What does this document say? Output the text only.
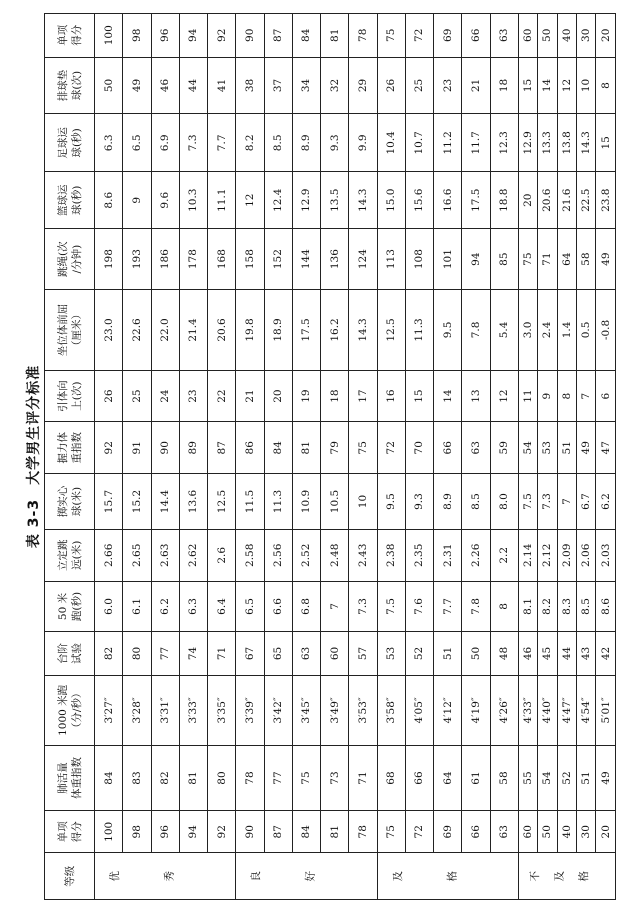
表 3-3大学男生评分标准
等级	单项 得分	肺活量 体重指数	1000 米跑 （分/秒）	台阶 试验	50 米 跑(秒)	立定跳 远(米)	掷实心 球(米)	握力体 重指数	引体向 上(次)	坐位体前屈 （厘米）	跳绳(次 /分钟)	篮球运 球(秒)	足球运 球(秒)	排球垫 球(次)	单项 得分
优秀	100	84	3′27″	82	6.0	2.66	15.7	92	26	23.0	198	8.6	6.3	50	100
	98	83	3′28″	80	6.1	2.65	15.2	91	25	22.6	193	9	6.5	49	98
	96	82	3′31″	77	6.2	2.63	14.4	90	24	22.0	186	9.6	6.9	46	96
	94	81	3′33″	74	6.3	2.62	13.6	89	23	21.4	178	10.3	7.3	44	94
	92	80	3′35″	71	6.4	2.6	12.5	87	22	20.6	168	11.1	7.7	41	92
良好	90	78	3′39″	67	6.5	2.58	11.5	86	21	19.8	158	12	8.2	38	90
	87	77	3′42″	65	6.6	2.56	11.3	84	20	18.9	152	12.4	8.5	37	87
	84	75	3′45″	63	6.8	2.52	10.9	81	19	17.5	144	12.9	8.9	34	84
	81	73	3′49″	60	7	2.48	10.5	79	18	16.2	136	13.5	9.3	32	81
	78	71	3′53″	57	7.3	2.43	10	75	17	14.3	124	14.3	9.9	29	78
及格	75	68	3′58″	53	7.5	2.38	9.5	72	16	12.5	113	15.0	10.4	26	75
	72	66	4′05″	52	7.6	2.35	9.3	70	15	11.3	108	15.6	10.7	25	72
	69	64	4′12″	51	7.7	2.31	8.9	66	14	9.5	101	16.6	11.2	23	69
	66	61	4′19″	50	7.8	2.26	8.5	63	13	7.8	94	17.5	11.7	21	66
	63	58	4′26″	48	8	2.2	8.0	59	12	5.4	85	18.8	12.3	18	63
不及格	60	55	4′33″	46	8.1	2.14	7.5	54	11	3.0	75	20	12.9	15	60
	50	54	4′40″	45	8.2	2.12	7.3	53	9	2.4	71	20.6	13.3	14	50
	40	52	4′47″	44	8.3	2.09	7	51	8	1.4	64	21.6	13.8	12	40
	30	51	4′54″	43	8.5	2.06	6.7	49	7	0.5	58	22.5	14.3	10	30
	20	49	5′01″	42	8.6	2.03	6.2	47	6	-0.8	49	23.8	15	8	20
